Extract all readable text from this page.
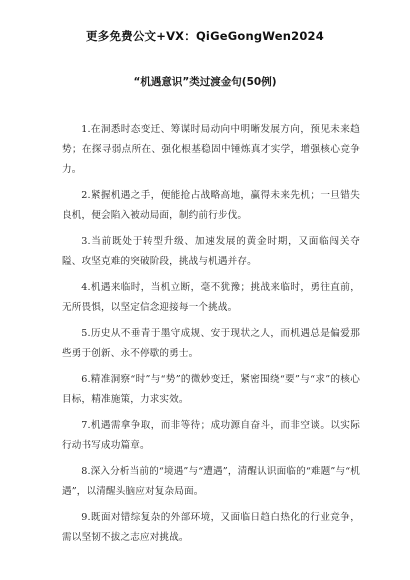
更多免费公文+VX：QiGeGongWen2024
“机遇意识”类过渡金句(50例)

1.在洞悉时态变迁、筹谋时局动向中明晰发展方向，预见未来趋势；在探寻弱点所在、强化根基稳固中锤炼真才实学，增强核心竞争力。

2.紧握机遇之手，便能抢占战略高地，赢得未来先机；一旦错失良机，便会陷入被动局面，制约前行步伐。

3.当前既处于转型升级、加速发展的黄金时期，又面临闯关夺隘、攻坚克难的突破阶段，挑战与机遇并存。

4.机遇来临时，当机立断，毫不犹豫；挑战来临时，勇往直前，无所畏惧，以坚定信念迎接每一个挑战。

5.历史从不垂青于墨守成规、安于现状之人，而机遇总是偏爱那些勇于创新、永不停歇的勇士。

6.精准洞察“时”与“势”的微妙变迁，紧密围绕“要”与“求”的核心目标，精准施策，力求实效。

7.机遇需拿争取，而非等待；成功源自奋斗，而非空谈。以实际行动书写成功篇章。

8.深入分析当前的“境遇”与“遭遇”，清醒认识面临的“难题”与“机遇”，以清醒头脑应对复杂局面。

9.既面对错综复杂的外部环境，又面临日趋白热化的行业竞争，需以坚韧不拔之志应对挑战。
